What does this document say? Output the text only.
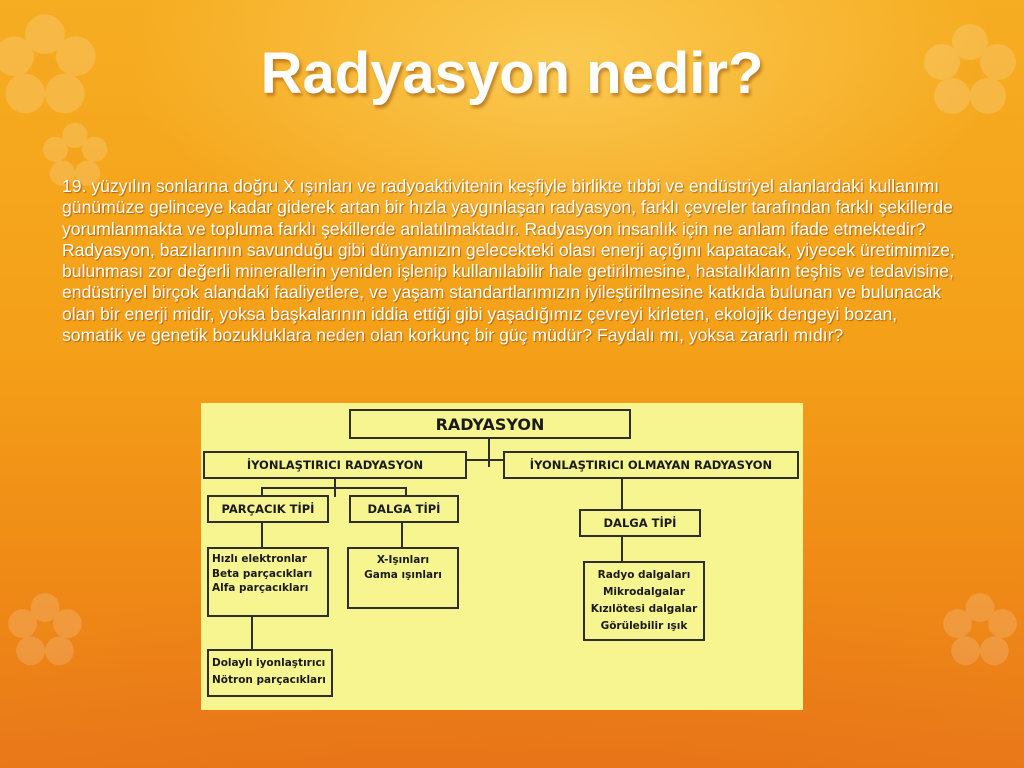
Radyasyon nedir?
19. yüzyılın sonlarına doğru X ışınları ve radyoaktivitenin keşfiyle birlikte tıbbi ve endüstriyel alanlardaki kullanımı günümüze gelinceye kadar giderek artan bir hızla yaygınlaşan radyasyon, farklı çevreler tarafından farklı şekillerde yorumlanmakta ve topluma farklı şekillerde anlatılmaktadır. Radyasyon insanlık için ne anlam ifade etmektedir? Radyasyon, bazılarının savunduğu gibi dünyamızın gelecekteki olası enerji açığını kapatacak, yiyecek üretimimize, bulunması zor değerli minerallerin yeniden işlenip kullanılabilir hale getirilmesine, hastalıkların teşhis ve tedavisine, endüstriyel birçok alandaki faaliyetlere, ve yaşam standartlarımızın iyileştirilmesine katkıda bulunan ve bulunacak olan bir enerji midir, yoksa başkalarının iddia ettiği gibi yaşadığımız çevreyi kirleten, ekolojik dengeyi bozan, somatik ve genetik bozukluklara neden olan korkunç bir güç müdür? Faydalı mı, yoksa zararlı mıdır?
RADYASYON
İYONLAŞTIRICI RADYASYON	İYONLAŞTIRICI OLMAYAN RADYASYON
PARÇACIK TİPİ	DALGA TİPİ
DALGA TİPİ
Hızlı elektronlar
Beta parçacıkları
Alfa parçacıkları
X-Işınları
Gama ışınları	Radyo dalgaları
Mikrodalgalar
Kızılötesi dalgalar
Görülebilir ışık
Dolaylı iyonlaştırıcı
Nötron parçacıkları
